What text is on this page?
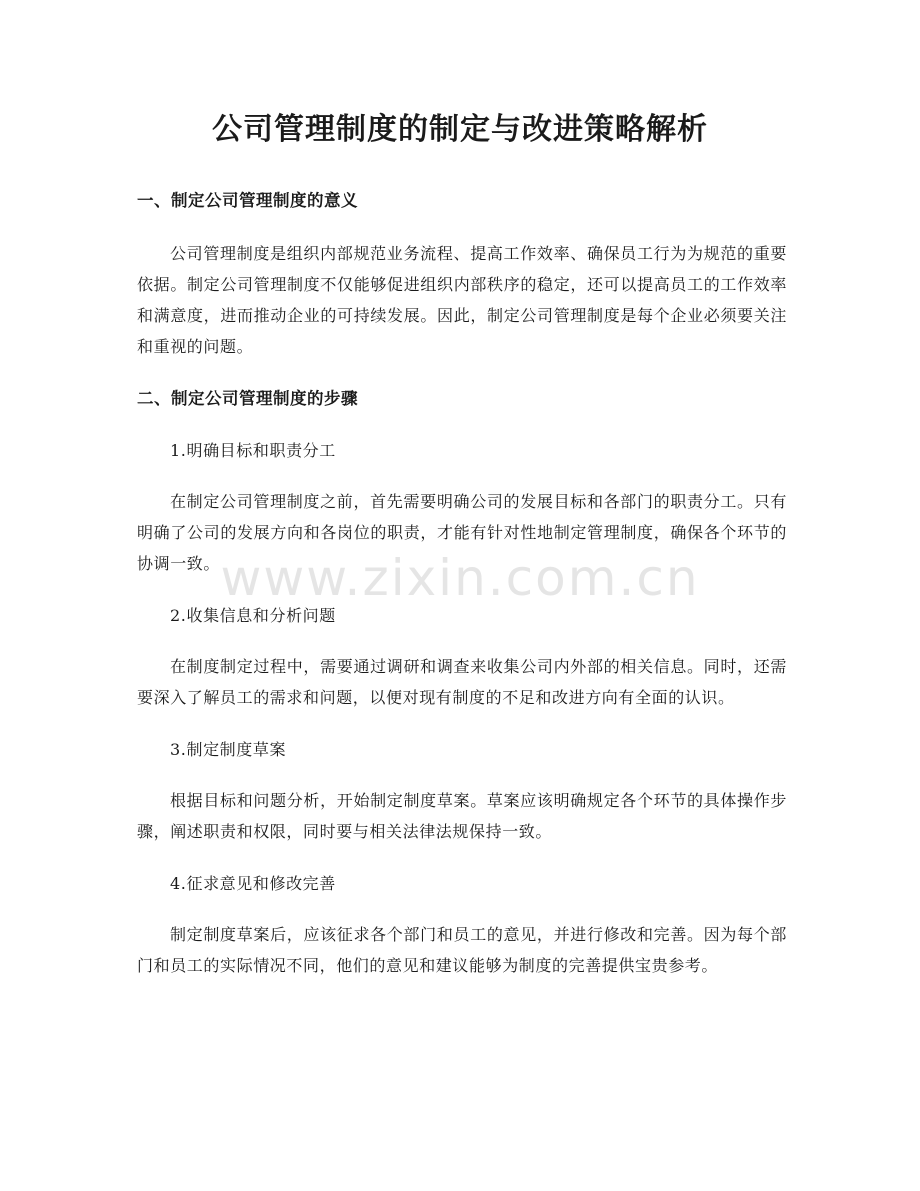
公司管理制度的制定与改进策略解析
一、制定公司管理制度的意义

公司管理制度是组织内部规范业务流程、提高工作效率、确保员工行为为规范的重要依据。制定公司管理制度不仅能够促进组织内部秩序的稳定，还可以提高员工的工作效率和满意度，进而推动企业的可持续发展。因此，制定公司管理制度是每个企业必须要关注和重视的问题。

二、制定公司管理制度的步骤

1.明确目标和职责分工

在制定公司管理制度之前，首先需要明确公司的发展目标和各部门的职责分工。只有明确了公司的发展方向和各岗位的职责，才能有针对性地制定管理制度，确保各个环节的协调一致。

2.收集信息和分析问题

在制度制定过程中，需要通过调研和调查来收集公司内外部的相关信息。同时，还需要深入了解员工的需求和问题，以便对现有制度的不足和改进方向有全面的认识。

3.制定制度草案

根据目标和问题分析，开始制定制度草案。草案应该明确规定各个环节的具体操作步骤，阐述职责和权限，同时要与相关法律法规保持一致。

4.征求意见和修改完善

制定制度草案后，应该征求各个部门和员工的意见，并进行修改和完善。因为每个部门和员工的实际情况不同，他们的意见和建议能够为制度的完善提供宝贵参考。

www.zixin.com.cn
